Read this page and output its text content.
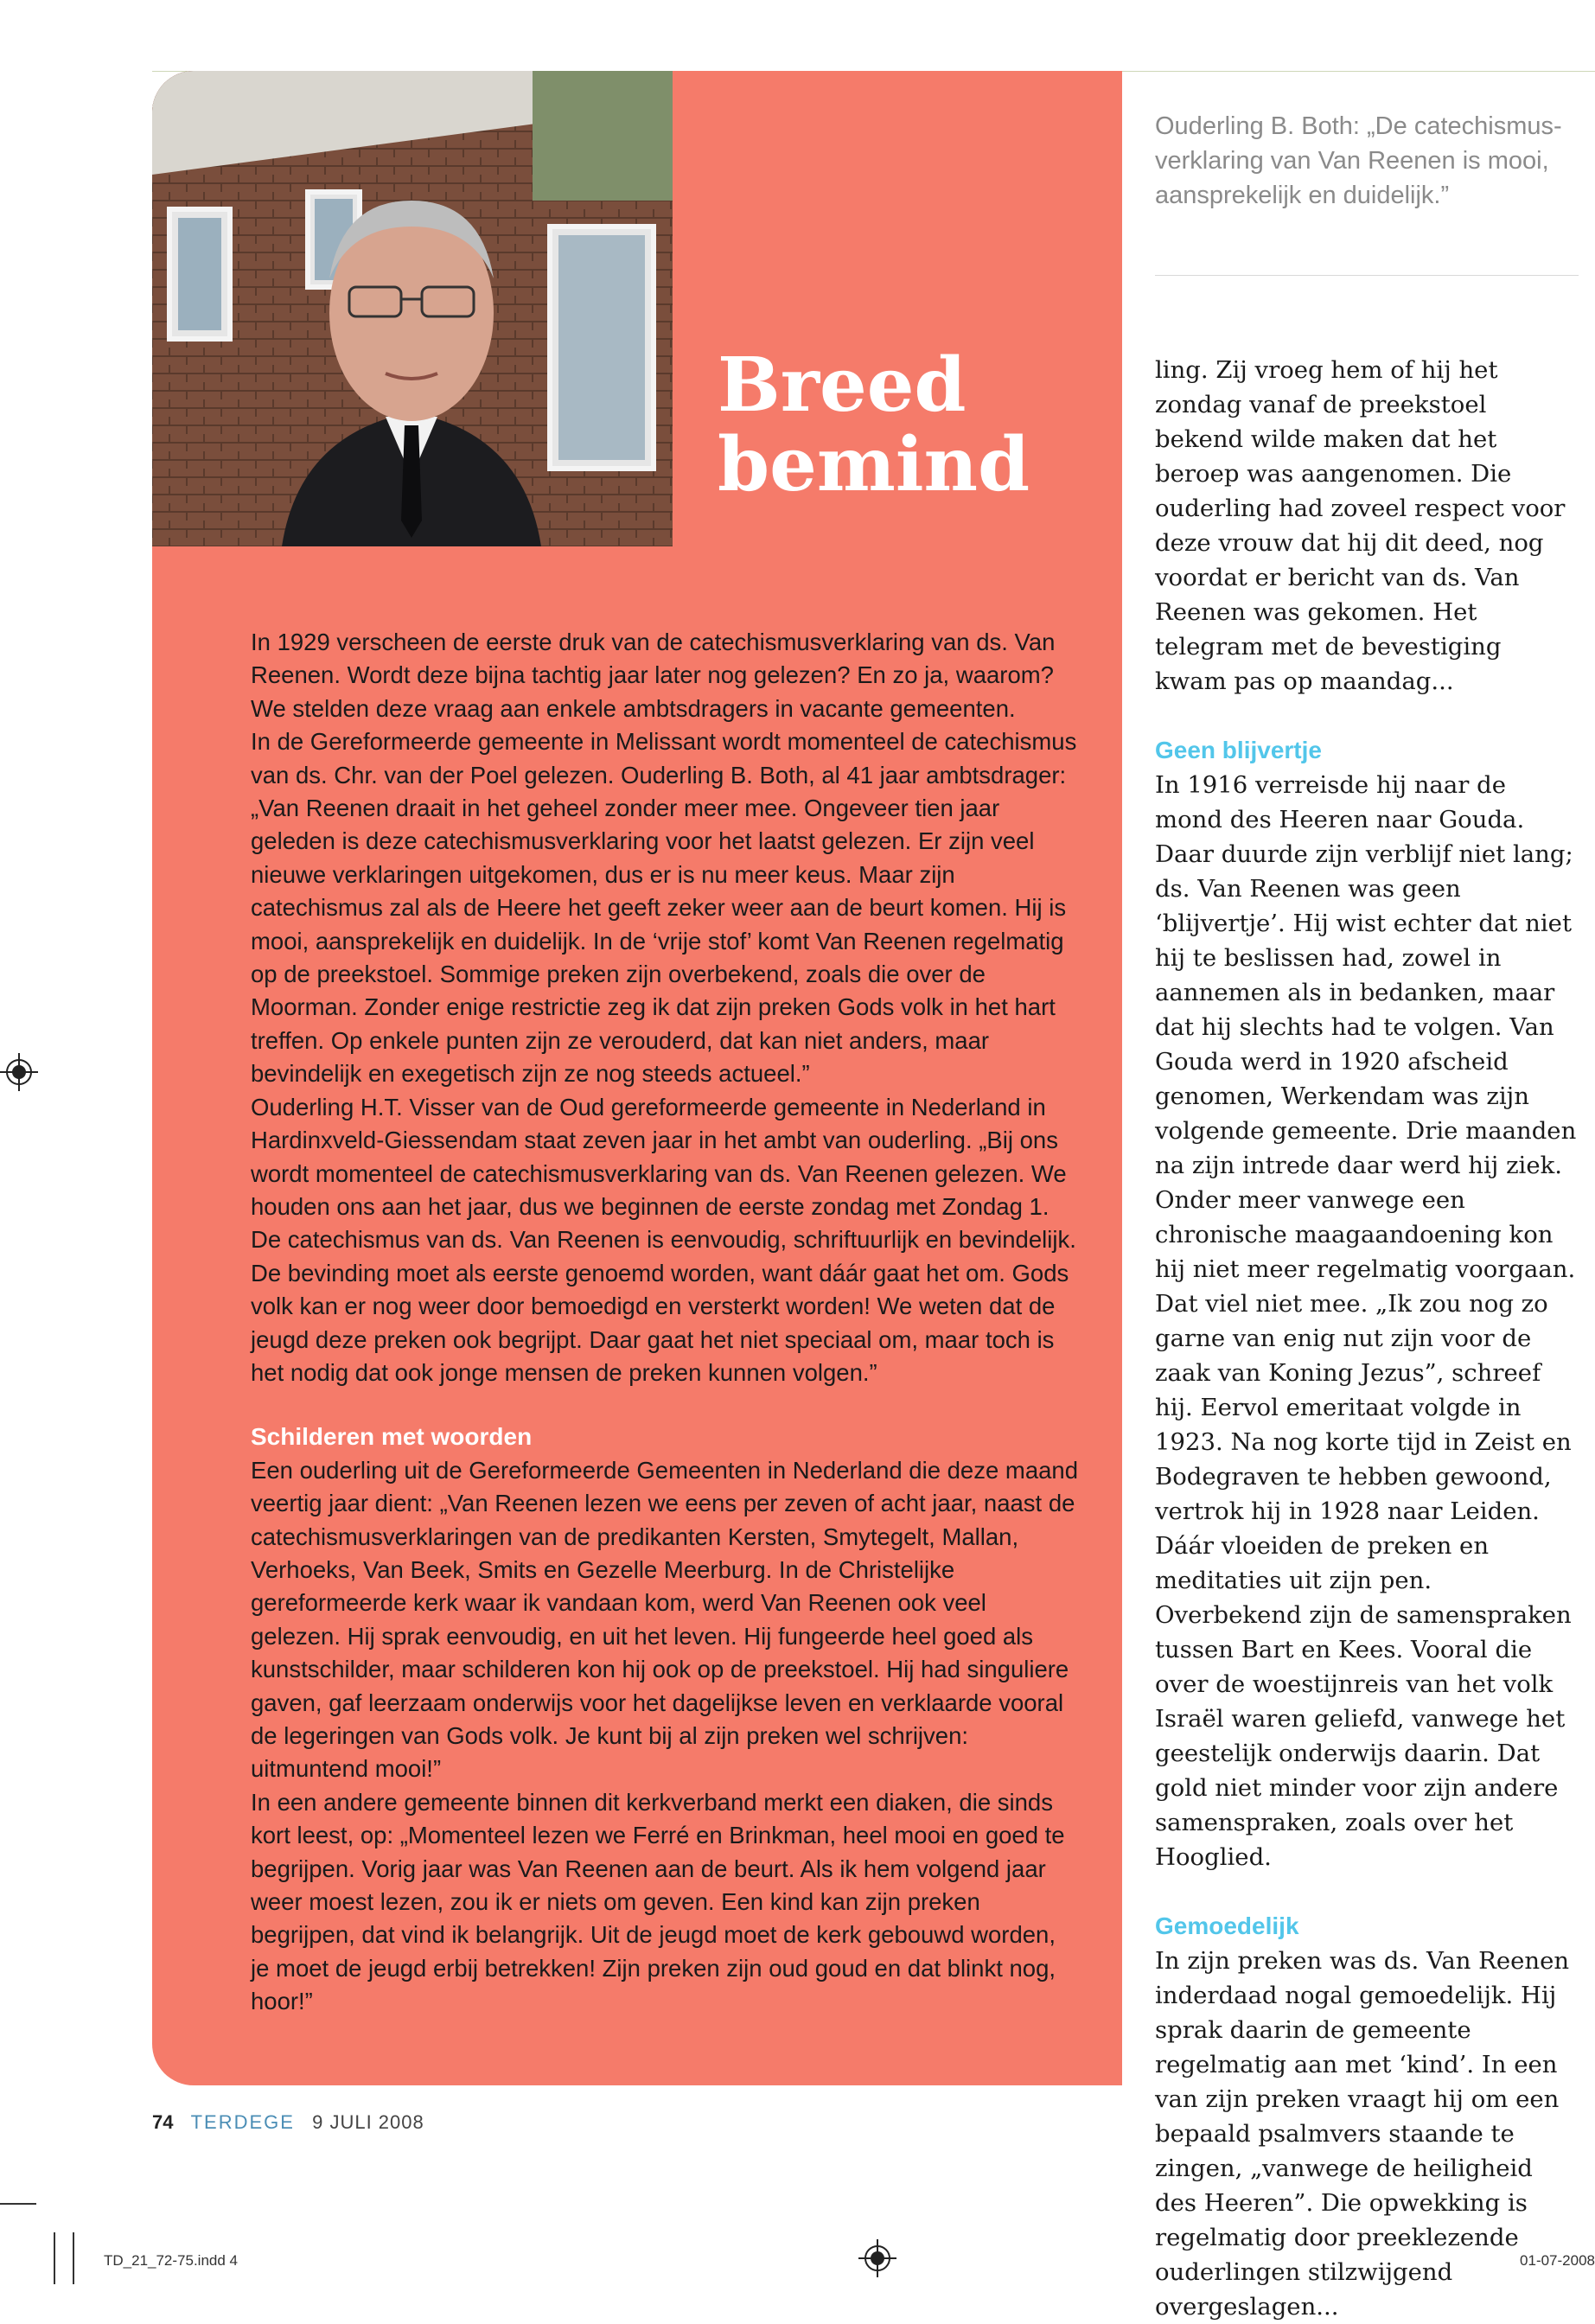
Breed
bemind

In 1929 verscheen de eerste druk van de catechismusverklaring van ds. Van Reenen. Wordt deze bijna tachtig jaar later nog gelezen? En zo ja, waarom? We stelden deze vraag aan enkele ambtsdragers in vacante gemeenten.

In de Gereformeerde gemeente in Melissant wordt momenteel de catechismus van ds. Chr. van der Poel gelezen. Ouderling B. Both, al 41 jaar ambtsdrager: „Van Reenen draait in het geheel zonder meer mee. Ongeveer tien jaar geleden is deze catechismusverklaring voor het laatst gelezen. Er zijn veel nieuwe verklaringen uitgekomen, dus er is nu meer keus. Maar zijn catechismus zal als de Heere het geeft zeker weer aan de beurt komen. Hij is mooi, aansprekelijk en duidelijk. In de ‘vrije stof’ komt Van Reenen regelmatig op de preekstoel. Sommige preken zijn overbekend, zoals die over de Moorman. Zonder enige restrictie zeg ik dat zijn preken Gods volk in het hart treffen. Op enkele punten zijn ze verouderd, dat kan niet anders, maar bevindelijk en exegetisch zijn ze nog steeds actueel.”

Ouderling H.T. Visser van de Oud gereformeerde gemeente in Nederland in Hardinxveld-Giessendam staat zeven jaar in het ambt van ouderling. „Bij ons wordt momenteel de catechismusverklaring van ds. Van Reenen gelezen. We houden ons aan het jaar, dus we beginnen de eerste zondag met Zondag 1. De catechismus van ds. Van Reenen is eenvoudig, schriftuurlijk en bevindelijk. De bevinding moet als eerste genoemd worden, want dáár gaat het om. Gods volk kan er nog weer door bemoedigd en versterkt worden! We weten dat de jeugd deze preken ook begrijpt. Daar gaat het niet speciaal om, maar toch is het nodig dat ook jonge mensen de preken kunnen volgen.”

Schilderen met woorden

Een ouderling uit de Gereformeerde Gemeenten in Nederland die deze maand veertig jaar dient: „Van Reenen lezen we eens per zeven of acht jaar, naast de catechismusverklaringen van de predikanten Kersten, Smytegelt, Mallan, Verhoeks, Van Beek, Smits en Gezelle Meerburg. In de Christelijke gereformeerde kerk waar ik vandaan kom, werd Van Reenen ook veel gelezen. Hij sprak eenvoudig, en uit het leven. Hij fungeerde heel goed als kunstschilder, maar schilderen kon hij ook op de preekstoel. Hij had singuliere gaven, gaf leerzaam onderwijs voor het dagelijkse leven en verklaarde vooral de legeringen van Gods volk. Je kunt bij al zijn preken wel schrijven: uitmuntend mooi!”

In een andere gemeente binnen dit kerkverband merkt een diaken, die sinds kort leest, op: „Momenteel lezen we Ferré en Brinkman, heel mooi en goed te begrijpen. Vorig jaar was Van Reenen aan de beurt. Als ik hem volgend jaar weer moest lezen, zou ik er niets om geven. Een kind kan zijn preken begrijpen, dat vind ik belangrijk. Uit de jeugd moet de kerk gebouwd worden, je moet de jeugd erbij betrekken! Zijn preken zijn oud goud en dat blinkt nog, hoor!”

Ouderling B. Both: „De catechismusverklaring van Van Reenen is mooi, aansprekelijk en duidelijk.”

ling. Zij vroeg hem of hij het zondag vanaf de preekstoel bekend wilde maken dat het beroep was aangenomen. Die ouderling had zoveel respect voor deze vrouw dat hij dit deed, nog voordat er bericht van ds. Van Reenen was gekomen. Het telegram met de bevestiging kwam pas op maandag...

Geen blijvertje

In 1916 verreisde hij naar de mond des Heeren naar Gouda. Daar duurde zijn verblijf niet lang; ds. Van Reenen was geen ‘blijvertje’. Hij wist echter dat niet hij te beslissen had, zowel in aannemen als in bedanken, maar dat hij slechts had te volgen. Van Gouda werd in 1920 afscheid genomen, Werkendam was zijn volgende gemeente. Drie maanden na zijn intrede daar werd hij ziek. Onder meer vanwege een chronische maagaandoening kon hij niet meer regelmatig voorgaan. Dat viel niet mee. „Ik zou nog zo garne van enig nut zijn voor de zaak van Koning Jezus”, schreef hij. Eervol emeritaat volgde in 1923. Na nog korte tijd in Zeist en Bodegraven te hebben gewoond, vertrok hij in 1928 naar Leiden. Dáár vloeiden de preken en meditaties uit zijn pen. Overbekend zijn de samenspraken tussen Bart en Kees. Vooral die over de woestijnreis van het volk Israël waren geliefd, vanwege het geestelijk onderwijs daarin. Dat gold niet minder voor zijn andere samenspraken, zoals over het Hooglied.

Gemoedelijk

In zijn preken was ds. Van Reenen inderdaad nogal gemoedelijk. Hij sprak daarin de gemeente regelmatig aan met ‘kind’. In een van zijn preken vraagt hij om een bepaald psalmvers staande te zingen, „vanwege de heiligheid des Heeren”. Die opwekking is regelmatig door preeklezende ouderlingen stilzwijgend overgeslagen...

74 TERDEGE 9 JULI 2008
TD_21_72-75.indd 4	01-07-2008
